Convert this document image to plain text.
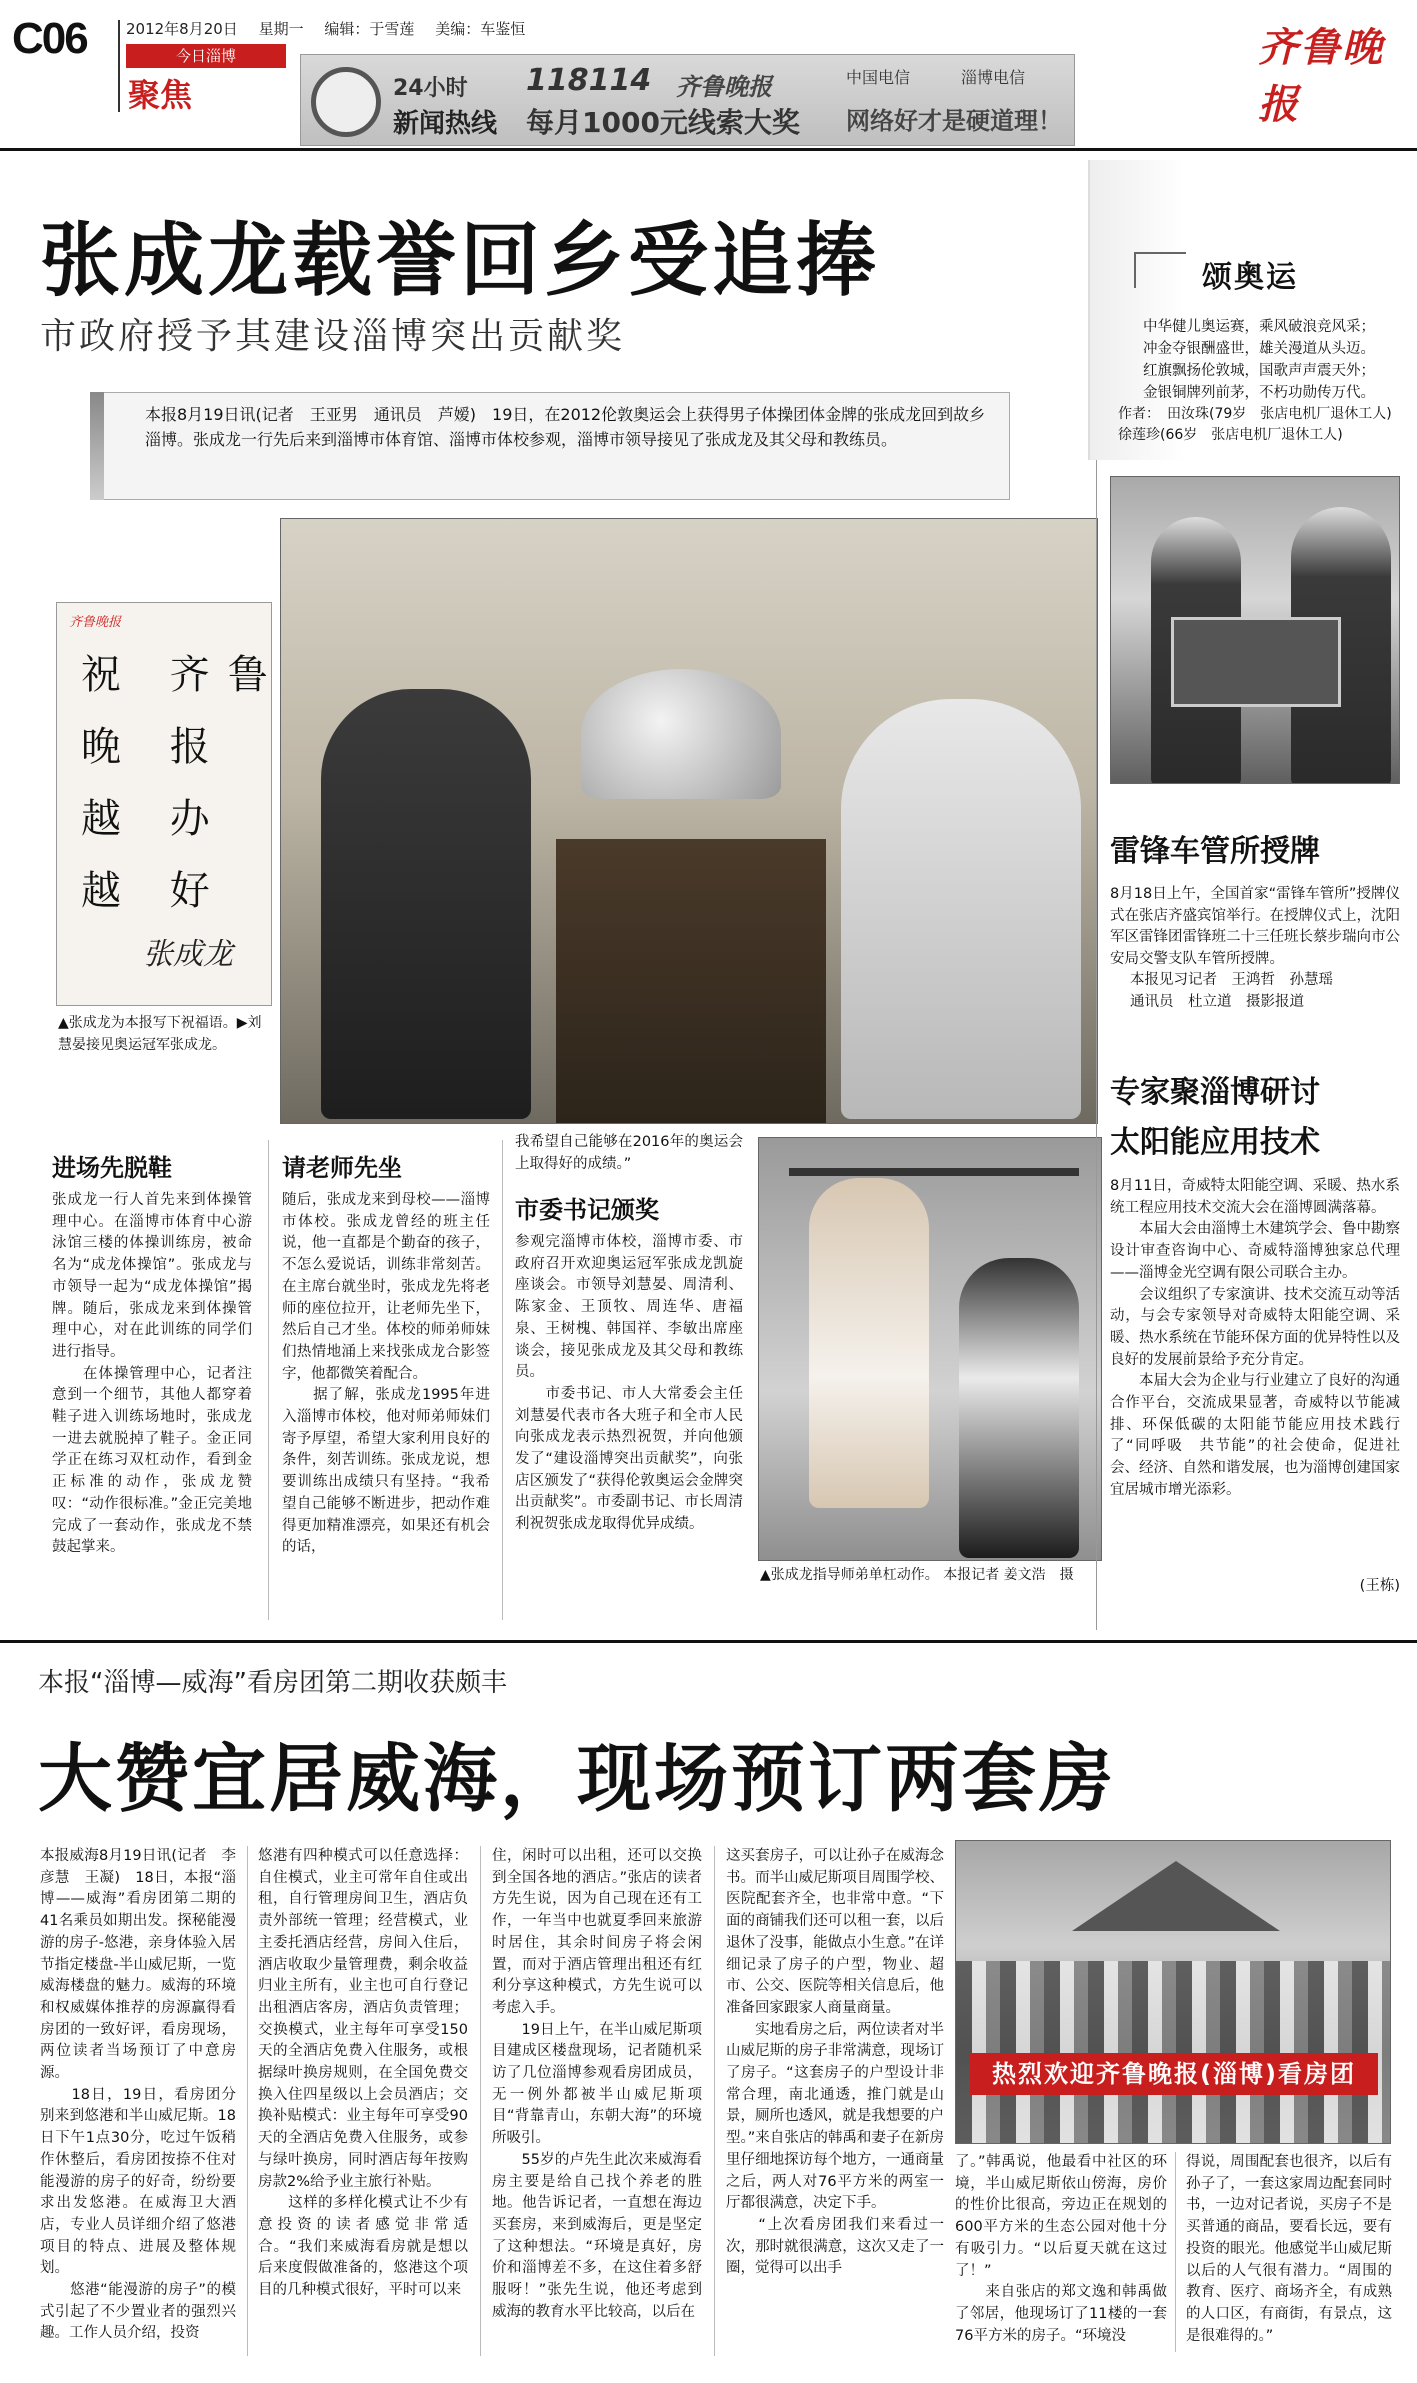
C06	2012年8月20日 星期一 编辑：于雪莲 美编：车鉴恒
今日淄博
聚焦	24小时
新闻热线
118114
每月1000元线索大奖
齐鲁晚报	中国电信	淄博电信
网络好才是硬道理！
齐鲁晚报
张成龙载誉回乡受追捧
市政府授予其建设淄博突出贡献奖
本报8月19日讯(记者　王亚男　通讯员　芦嫒)　19日，在2012伦敦奥运会上获得男子体操团体金牌的张成龙回到故乡淄博。张成龙一行先后来到淄博市体育馆、淄博市体校参观，淄博市领导接见了张成龙及其父母和教练员。
齐鲁晚报
祝 齐鲁
晚 报
越 办
越 好
张成龙
▲张成龙为本报写下祝福语。▶刘慧晏接见奥运冠军张成龙。
进场先脱鞋
张成龙一行人首先来到体操管理中心。在淄博市体育中心游泳馆三楼的体操训练房，被命名为“成龙体操馆”。张成龙与市领导一起为“成龙体操馆”揭牌。随后，张成龙来到体操管理中心，对在此训练的同学们进行指导。
　　在体操管理中心，记者注意到一个细节，其他人都穿着鞋子进入训练场地时，张成龙一进去就脱掉了鞋子。金正同学正在练习双杠动作，看到金正标准的动作，张成龙赞叹：“动作很标准。”金正完美地完成了一套动作，张成龙不禁鼓起掌来。
请老师先坐
随后，张成龙来到母校——淄博市体校。张成龙曾经的班主任说，他一直都是个勤奋的孩子，不怎么爱说话，训练非常刻苦。在主席台就坐时，张成龙先将老师的座位拉开，让老师先坐下，然后自己才坐。体校的师弟师妹们热情地涌上来找张成龙合影签字，他都微笑着配合。
　　据了解，张成龙1995年进入淄博市体校，他对师弟师妹们寄予厚望，希望大家利用良好的条件，刻苦训练。张成龙说，想要训练出成绩只有坚持。“我希望自己能够不断进步，把动作难得更加精准漂亮，如果还有机会的话，
我希望自己能够在2016年的奥运会上取得好的成绩。”
市委书记颁奖
参观完淄博市体校，淄博市委、市政府召开欢迎奥运冠军张成龙凯旋座谈会。市领导刘慧晏、周清利、陈家金、王顶牧、周连华、唐福泉、王树槐、韩国祥、李敏出席座谈会，接见张成龙及其父母和教练员。
　　市委书记、市人大常委会主任刘慧晏代表市各大班子和全市人民向张成龙表示热烈祝贺，并向他颁发了“建设淄博突出贡献奖”，向张店区颁发了“获得伦敦奥运会金牌突出贡献奖”。市委副书记、市长周清利祝贺张成龙取得优异成绩。
▲张成龙指导师弟单杠动作。 本报记者 姜文浩　摄
颂奥运
中华健儿奥运赛，乘风破浪竞风采；
冲金夺银酬盛世，雄关漫道从头迈。
红旗飘扬伦敦城，国歌声声震天外；
金银铜牌列前茅，不朽功勋传万代。
作者：　田汝珠(79岁　张店电机厂退休工人)　徐莲珍(66岁　张店电机厂退休工人)
雷锋车管所授牌
8月18日上午，全国首家“雷锋车管所”授牌仪式在张店齐盛宾馆举行。在授牌仪式上，沈阳军区雷锋团雷锋班二十三任班长蔡步瑞向市公安局交警支队车管所授牌。
本报见习记者　王鸿哲　孙慧瑶
通讯员　杜立道　摄影报道
专家聚淄博研讨
太阳能应用技术
8月11日，奇威特太阳能空调、采暖、热水系统工程应用技术交流大会在淄博圆满落幕。
　　本届大会由淄博土木建筑学会、鲁中勘察设计审查咨询中心、奇威特淄博独家总代理——淄博金光空调有限公司联合主办。
　　会议组织了专家演讲、技术交流互动等活动，与会专家领导对奇威特太阳能空调、采暖、热水系统在节能环保方面的优异特性以及良好的发展前景给予充分肯定。
　　本届大会为企业与行业建立了良好的沟通合作平台，交流成果显著，奇威特以节能减排、环保低碳的太阳能节能应用技术践行了“同呼吸　共节能”的社会使命，促进社会、经济、自然和谐发展，也为淄博创建国家宜居城市增光添彩。
(王栋)
本报“淄博—威海”看房团第二期收获颇丰
大赞宜居威海，现场预订两套房
本报威海8月19日讯(记者　李彦慧　王凝)　18日，本报“淄博——威海”看房团第二期的41名乘员如期出发。探秘能漫游的房子-悠港，亲身体验入居节指定楼盘-半山威尼斯，一览威海楼盘的魅力。威海的环境和权威媒体推荐的房源赢得看房团的一致好评，看房现场，两位读者当场预订了中意房源。
　　18日，19日，看房团分别来到悠港和半山威尼斯。18日下午1点30分，吃过午饭稍作休整后，看房团按捺不住对能漫游的房子的好奇，纷纷要求出发悠港。在威海卫大酒店，专业人员详细介绍了悠港项目的特点、进展及整体规划。
　　悠港“能漫游的房子”的模式引起了不少置业者的强烈兴趣。工作人员介绍，投资
悠港有四种模式可以任意选择：自住模式，业主可常年自住或出租，自行管理房间卫生，酒店负责外部统一管理；经营模式，业主委托酒店经营，房间入住后，酒店收取少量管理费，剩余收益归业主所有，业主也可自行登记出租酒店客房，酒店负责管理；交换模式，业主每年可享受150天的全酒店免费入住服务，或根据绿叶换房规则，在全国免费交换入住四星级以上会员酒店；交换补贴模式：业主每年可享受90天的全酒店免费入住服务，或参与绿叶换房，同时酒店每年按购房款2%给予业主旅行补贴。
　　这样的多样化模式让不少有意投资的读者感觉非常适合。“我们来威海看房就是想以后来度假做准备的，悠港这个项目的几种模式很好，平时可以来
住，闲时可以出租，还可以交换到全国各地的酒店。”张店的读者方先生说，因为自己现在还有工作，一年当中也就夏季回来旅游时居住，其余时间房子将会闲置，而对于酒店管理出租还有红利分享这种模式，方先生说可以考虑入手。
　　19日上午，在半山威尼斯项目建成区楼盘现场，记者随机采访了几位淄博参观看房团成员，无一例外都被半山威尼斯项目“背靠青山，东朝大海”的环境所吸引。
　　55岁的卢先生此次来威海看房主要是给自己找个养老的胜地。他告诉记者，一直想在海边买套房，来到威海后，更是坚定了这种想法。“环境是真好，房价和淄博差不多，在这住着多舒服呀！”张先生说，他还考虑到威海的教育水平比较高，以后在
这买套房子，可以让孙子在威海念书。而半山威尼斯项目周围学校、医院配套齐全，也非常中意。“下面的商铺我们还可以租一套，以后退休了没事，能做点小生意。”在详细记录了房子的户型，物业、超市、公交、医院等相关信息后，他准备回家跟家人商量商量。
　　实地看房之后，两位读者对半山威尼斯的房子非常满意，现场订了房子。“这套房子的户型设计非常合理，南北通透，推门就是山景，厕所也透风，就是我想要的户型。”来自张店的韩禹和妻子在新房里仔细地探访每个地方，一通商量之后，两人对76平方米的两室一厅都很满意，决定下手。
　　“上次看房团我们来看过一次，那时就很满意，这次又走了一圈，觉得可以出手
热烈欢迎齐鲁晚报(淄博)看房团
了。”韩禹说，他最看中社区的环境，半山威尼斯依山傍海，房价的性价比很高，旁边正在规划的600平方米的生态公园对他十分有吸引力。“以后夏天就在这过了！”
　　来自张店的郑文逸和韩禹做了邻居，他现场订了11楼的一套76平方米的房子。“环境没
得说，周围配套也很齐，以后有孙子了，一套这家周边配套同时书，一边对记者说，买房子不是买普通的商品，要看长远，要有投资的眼光。他感觉半山威尼斯以后的人气很有潜力。“周围的教育、医疗、商场齐全，有成熟的人口区，有商街，有景点，这是很难得的。”
